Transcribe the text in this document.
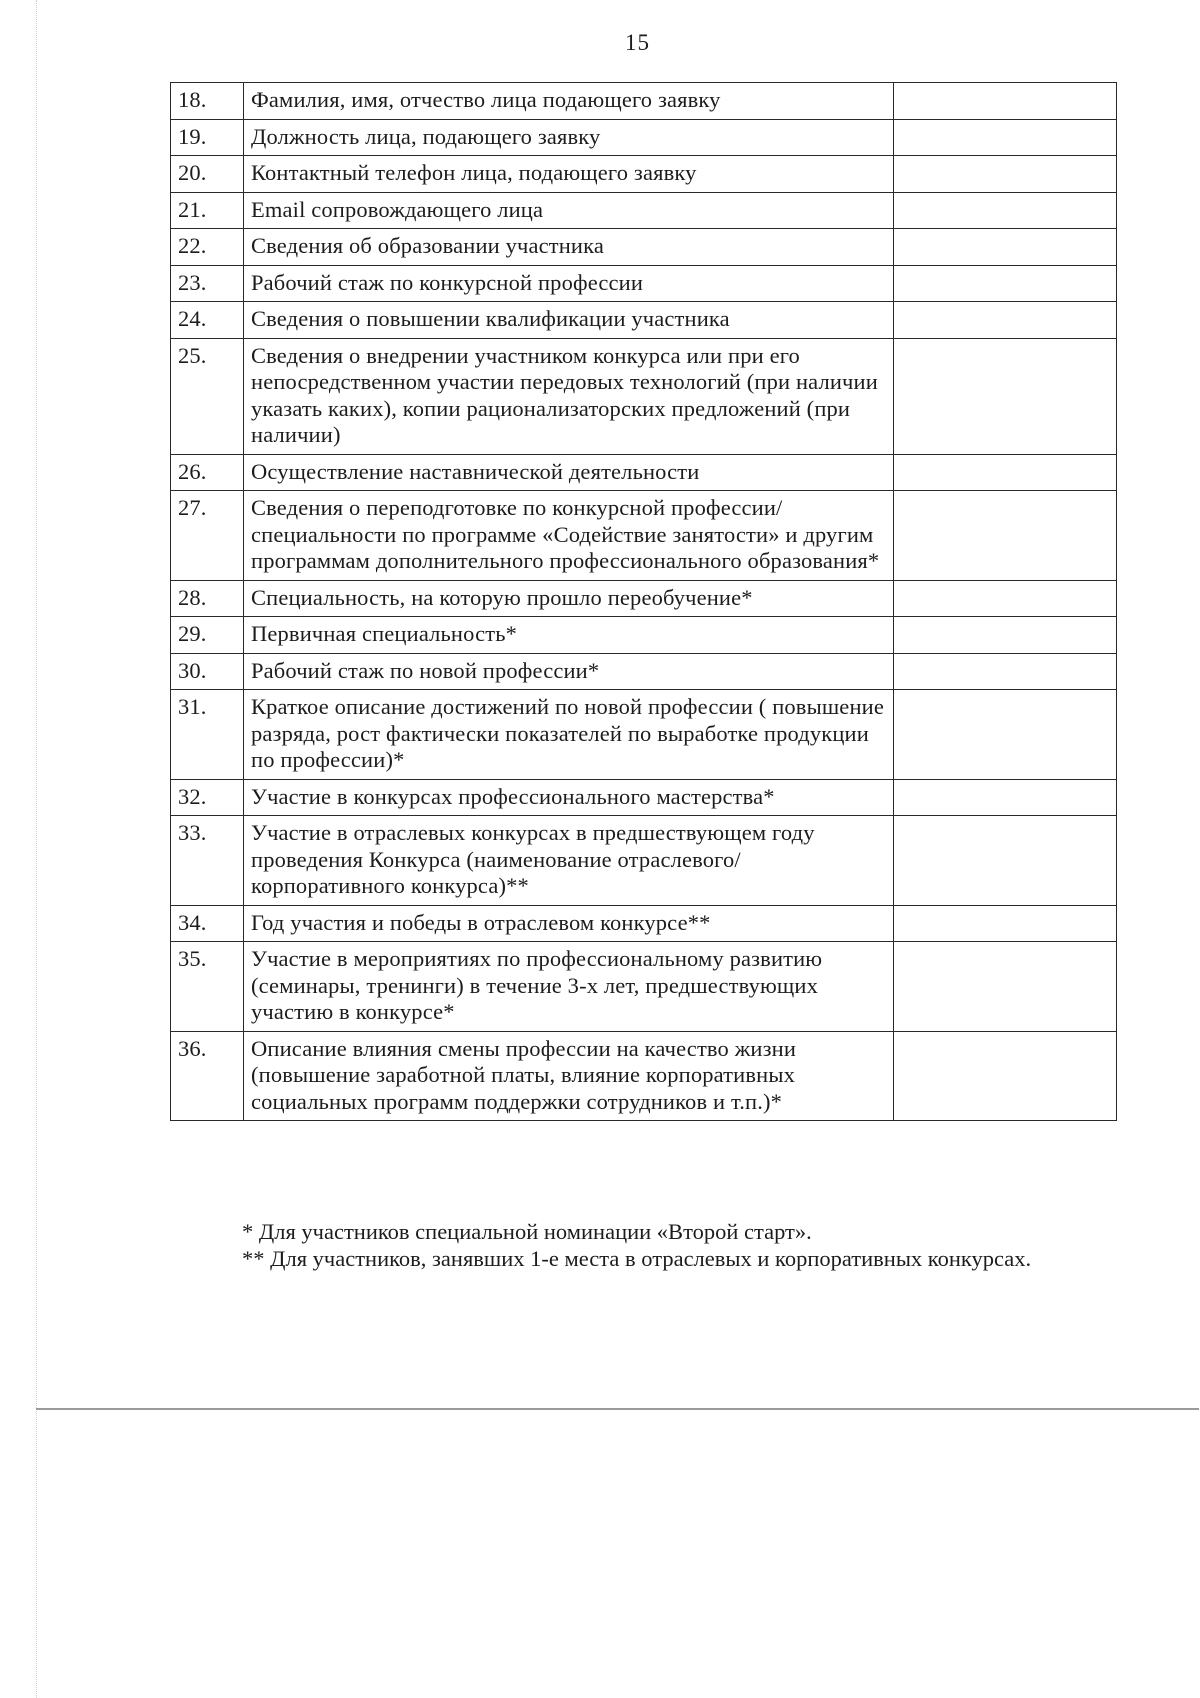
15
18.	Фамилия, имя, отчество лица подающего заявку	
19.	Должность лица, подающего заявку	
20.	Контактный телефон лица, подающего заявку	
21.	Email сопровождающего лица	
22.	Сведения об образовании участника	
23.	Рабочий стаж по конкурсной профессии	
24.	Сведения о повышении квалификации участника	
25.	Сведения о внедрении участником конкурса или при его непосредственном участии передовых технологий (при наличии указать каких), копии рационализаторских предложений (при наличии)	
26.	Осуществление наставнической деятельности	
27.	Сведения о переподготовке по конкурсной профессии/специальности по программе «Содействие занятости» и другим программам дополнительного профессионального образования*	
28.	Специальность, на которую прошло переобучение*	
29.	Первичная специальность*	
30.	Рабочий стаж по новой профессии*	
31.	Краткое описание достижений по новой профессии ( повышение разряда, рост фактически показателей по выработке продукции по профессии)*	
32.	Участие в конкурсах профессионального мастерства*	
33.	Участие в отраслевых конкурсах в предшествующем году проведения Конкурса (наименование отраслевого/корпоративного конкурса)**	
34.	Год участия и победы в отраслевом конкурсе**	
35.	Участие в мероприятиях по профессиональному развитию (семинары, тренинги) в течение 3-х лет, предшествующих участию в конкурсе*	
36.	Описание влияния смены профессии на качество жизни (повышение заработной платы, влияние корпоративных социальных программ поддержки сотрудников и т.п.)*	

* Для участников специальной номинации «Второй старт».

** Для участников, занявших 1-е места в отраслевых и корпоративных конкурсах.
